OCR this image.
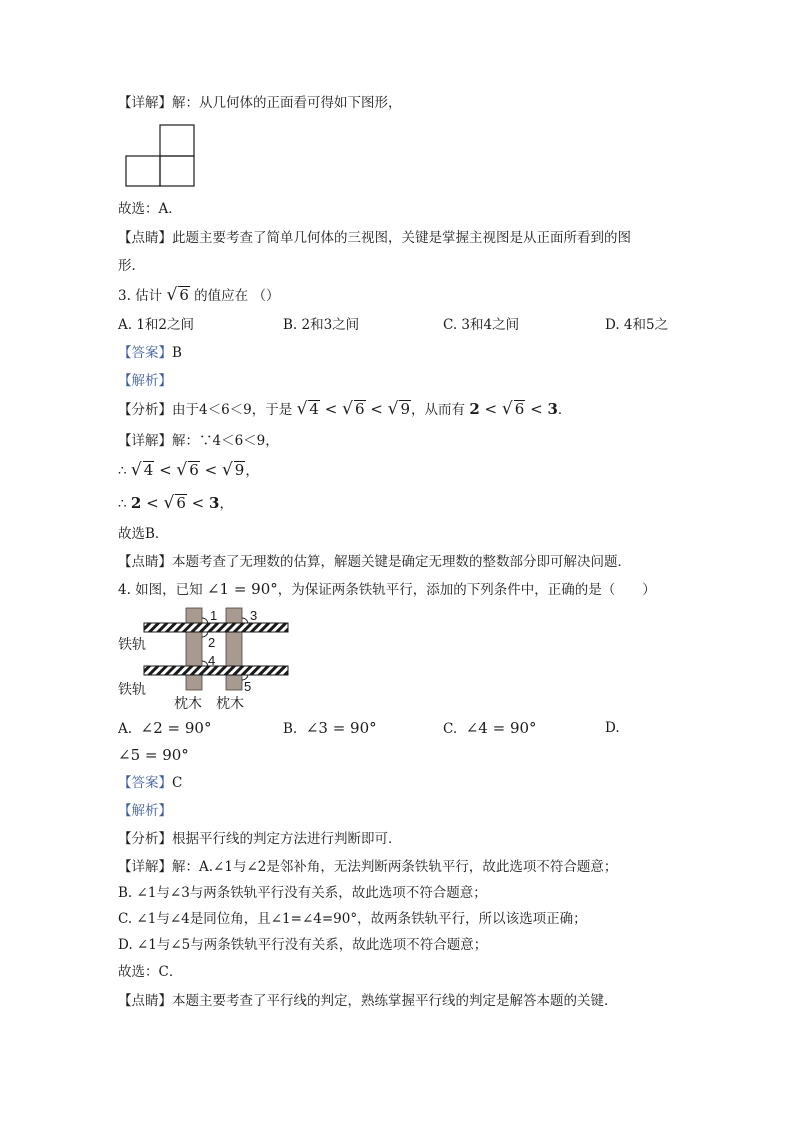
【详解】解：从几何体的正面看可得如下图形，
故选：A．
【点睛】此题主要考查了简单几何体的三视图，关键是掌握主视图是从正面所看到的图
形．
3. 估计 √ 6 的值应在 （）
A. 1和2之间	B. 2和3之间	C. 3和4之间	D. 4和5之
【答案】B
【解析】
【分析】由于4＜6＜9，于是 √ 4 < √ 6 < √ 9，从而有 2 < √ 6 < 3．
【详解】解：∵4＜6＜9，
∴ √ 4 < √ 6 < √ 9，
∴ 2 < √ 6 < 3，
故选B．
【点睛】本题考查了无理数的估算，解题关键是确定无理数的整数部分即可解决问题．
4. 如图，已知 ∠1 = 90°，为保证两条铁轨平行，添加的下列条件中，正确的是（　　）
1	3
2
4
5
铁轨
铁轨
枕木 枕木
A. ∠2 = 90°	B. ∠3 = 90°	C. ∠4 = 90°	D.
∠5 = 90°
【答案】C
【解析】
【分析】根据平行线的判定方法进行判断即可．
【详解】解：A.∠1与∠2是邻补角，无法判断两条铁轨平行，故此选项不符合题意；
B. ∠1与∠3与两条铁轨平行没有关系，故此选项不符合题意；
C. ∠1与∠4是同位角，且∠1=∠4=90°，故两条铁轨平行，所以该选项正确；
D. ∠1与∠5与两条铁轨平行没有关系，故此选项不符合题意；
故选：C．
【点睛】本题主要考查了平行线的判定，熟练掌握平行线的判定是解答本题的关键．
